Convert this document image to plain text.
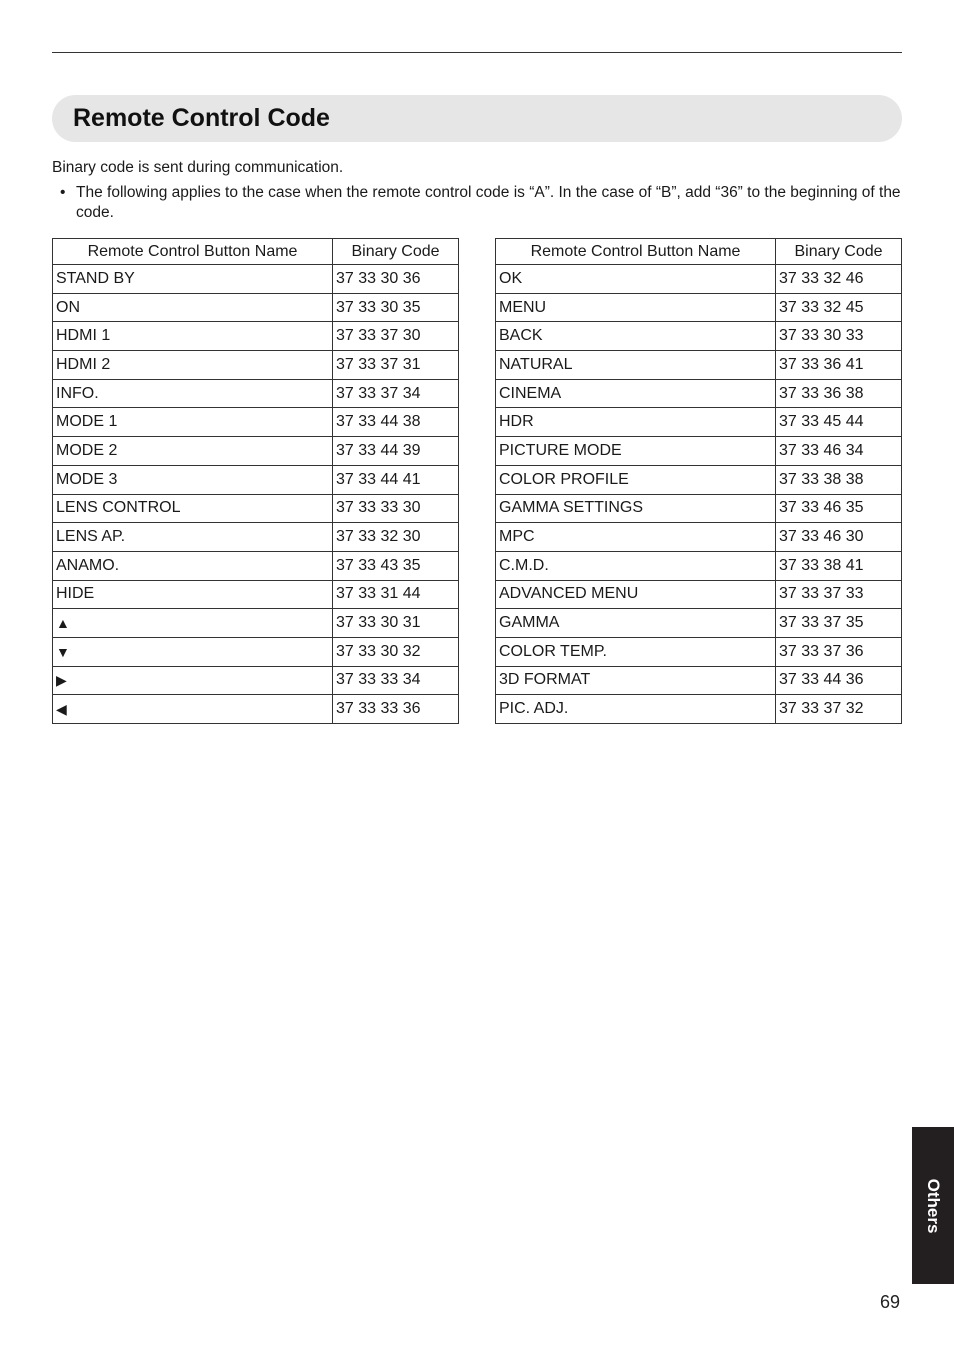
Remote Control Code

Binary code is sent during communication.

• The following applies to the case when the remote control code is “A”. In the case of “B”, add “36” to the beginning of the code.
Remote Control Button Name	Binary Code
STAND BY	37 33 30 36
ON	37 33 30 35
HDMI 1	37 33 37 30
HDMI 2	37 33 37 31
INFO.	37 33 37 34
MODE 1	37 33 44 38
MODE 2	37 33 44 39
MODE 3	37 33 44 41
LENS CONTROL	37 33 33 30
LENS AP.	37 33 32 30
ANAMO.	37 33 43 35
HIDE	37 33 31 44
▲	37 33 30 31
▼	37 33 30 32
▶	37 33 33 34
◀	37 33 33 36
Remote Control Button Name	Binary Code
OK	37 33 32 46
MENU	37 33 32 45
BACK	37 33 30 33
NATURAL	37 33 36 41
CINEMA	37 33 36 38
HDR	37 33 45 44
PICTURE MODE	37 33 46 34
COLOR PROFILE	37 33 38 38
GAMMA SETTINGS	37 33 46 35
MPC	37 33 46 30
C.M.D.	37 33 38 41
ADVANCED MENU	37 33 37 33
GAMMA	37 33 37 35
COLOR TEMP.	37 33 37 36
3D FORMAT	37 33 44 36
PIC. ADJ.	37 33 37 32
Others
69
